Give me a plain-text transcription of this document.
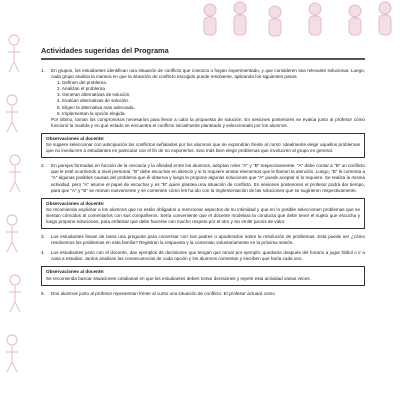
Actividades sugeridas del Programa
1.	En grupos, los estudiantes identifican una situación de conflicto que conozca o hayan experimentado, y que consideren sea relevante solucionar. Luego, cada grupo analiza la manera en que la situación de conflicto escogido puede resolverse, aplicando los siguientes pasos
1. Definen del problema.
2. Analizan el problema.
3. Generan alternativas de solución.
4. Evalúan alternativas de solución.
5. Eligen la alternativa más adecuada.
6. Implementan la opción elegida.
Por último, toman los compromisos necesarios para llevar a cabo la propuesta de solución. En sesiones posteriores se evalúa junto al profesor cómo funcionó la medida y en qué estado se encuentra el conflicto inicialmente planteado y seleccionado por los alumnos.
Observaciones al docente:
Se sugiere seleccionar con anticipación los conflictos señalados por los alumnos que se expondrán frente al curso. Idealmente elegir aquellos problemas que no involucren a estudiantes en particular con el fin de no exponerlos, sino más bien elegir problemas que involucren al grupo en general.
2.	En parejas formadas en función de la cercanía y la afinidad entre los alumnos, adoptan roles "A" y "B" respectivamente. "A" debe contar a "B" un conflicto que le esté ocurriendo a nivel personal. "B" debe escuchar en silencio y si lo requiere anotar elementos que le llamen la atención. Luego, "B" le comenta a "A" algunas posibles causas del problema que él observa y luego le propone algunas soluciones que "A" puede aceptar si lo requiere. Se realiza la misma actividad, pero "A" asume el papel de escuchar y es "B" quien plantea una situación de conflicto. En sesiones posteriores el profesor podrá dar tiempo, para que "A" y "B" se reúnan nuevamente y se comenten cómo les ha ido con la implementación de las soluciones que se sugirieron respectivamente.
Observaciones al docente:
Se recomienda explicitar a los alumnos que no están obligados a mencionar aspectos de su intimidad y que en lo posible seleccionen problemas que se sientan cómodos al comentarlos con sus compañeros. Sería conveniente que el docente modelara la conducta que debe tener el sujeto que escucha y luego propone soluciones, para enfatizar que debe hacerse con mucho respeto por el otro y sin emitir juicios de valor.
3.	Los estudiantes llevan de tarea una pregunta para conversar con sus padres o apoderados sobre la resolución de problemas. Esta puede ser ¿cómo resolvemos los problemas en esta familia? Registran la respuesta y la comentan voluntariamente en la próxima sesión.
4.	Los estudiantes junto con el docente, dan ejemplos de decisiones que tengan que tomar por ejemplo: quedarse después del horario a jugar fútbol o ir a casa a estudiar. Juntos analizan las consecuencias de cada opción y los alumnos comentan y escriben que haría cada uno.
Observaciones al docente:
Se recomienda buscar situaciones cotidianas en que los estudiantes deben tomar decisiones y repetir esta actividad varias veces.
5.	Dos alumnos junto al profesor representan frente al curso una situación de conflicto. El profesor actuará como
